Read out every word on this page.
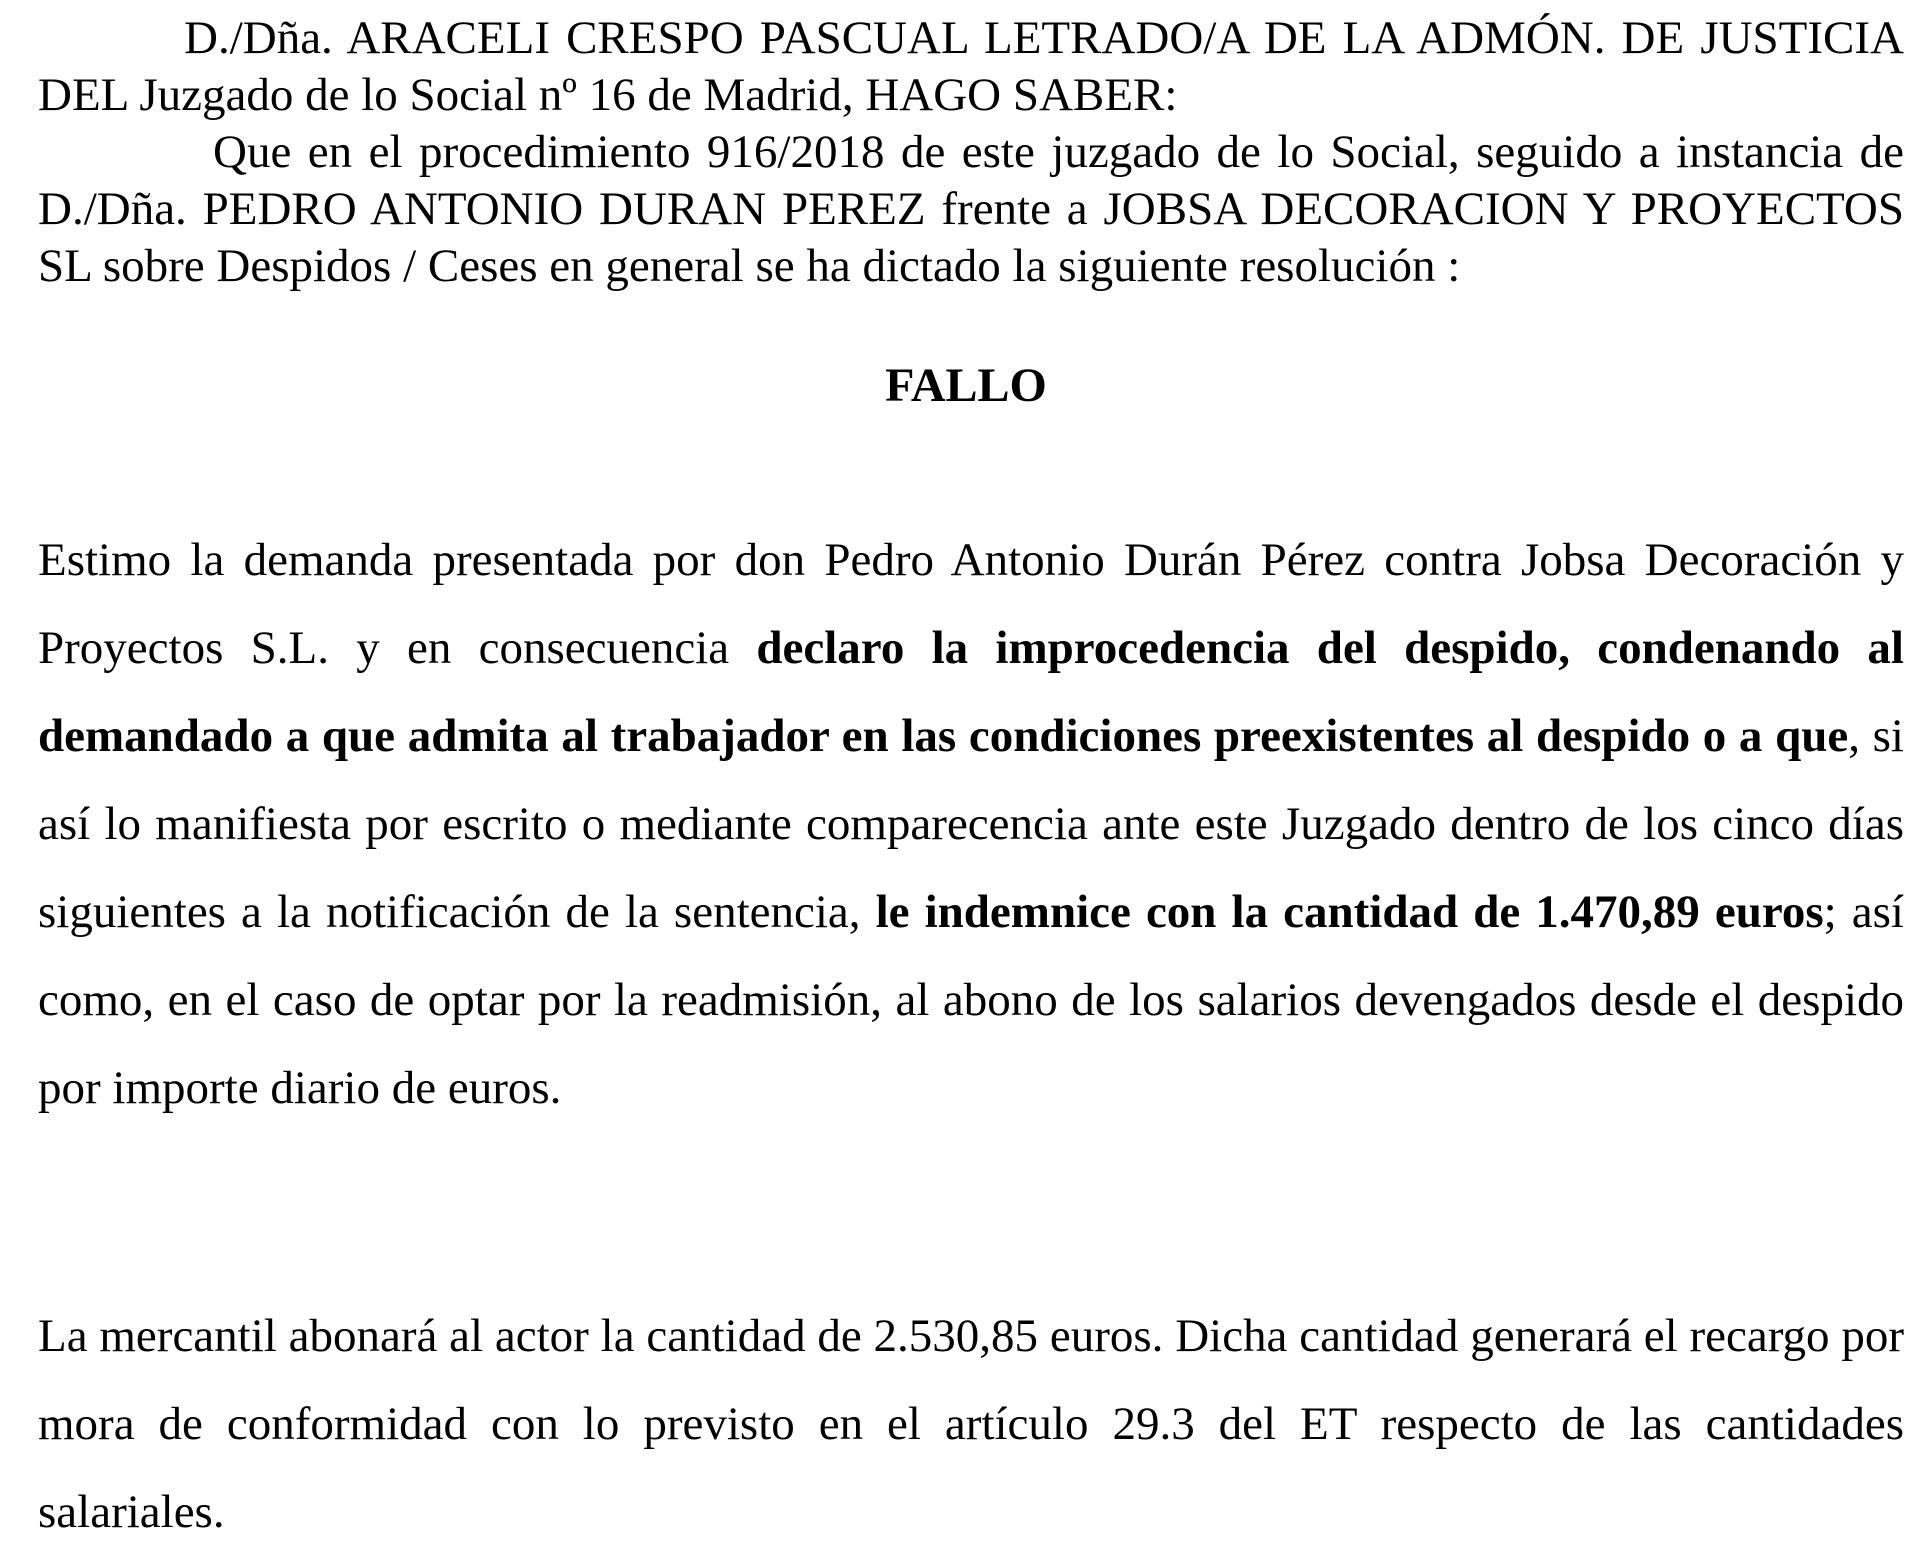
D./Dña. ARACELI CRESPO PASCUAL LETRADO/A DE LA ADMÓN. DE JUSTICIA DEL Juzgado de lo Social nº 16 de Madrid, HAGO SABER:

Que en el procedimiento 916/2018 de este juzgado de lo Social, seguido a instancia de D./Dña. PEDRO ANTONIO DURAN PEREZ frente a JOBSA DECORACION Y PROYECTOS SL sobre Despidos / Ceses en general se ha dictado la siguiente resolución :

FALLO

Estimo la demanda presentada por don Pedro Antonio Durán Pérez contra Jobsa Decoración y Proyectos S.L. y en consecuencia declaro la improcedencia del despido, condenando al demandado a que admita al trabajador en las condiciones preexistentes al despido o a que, si así lo manifiesta por escrito o mediante comparecencia ante este Juzgado dentro de los cinco días siguientes a la notificación de la sentencia, le indemnice con la cantidad de 1.470,89 euros; así como, en el caso de optar por la readmisión, al abono de los salarios devengados desde el despido por importe diario de euros.

La mercantil abonará al actor la cantidad de 2.530,85 euros. Dicha cantidad generará el recargo por mora de conformidad con lo previsto en el artículo 29.3 del ET respecto de las cantidades salariales.
